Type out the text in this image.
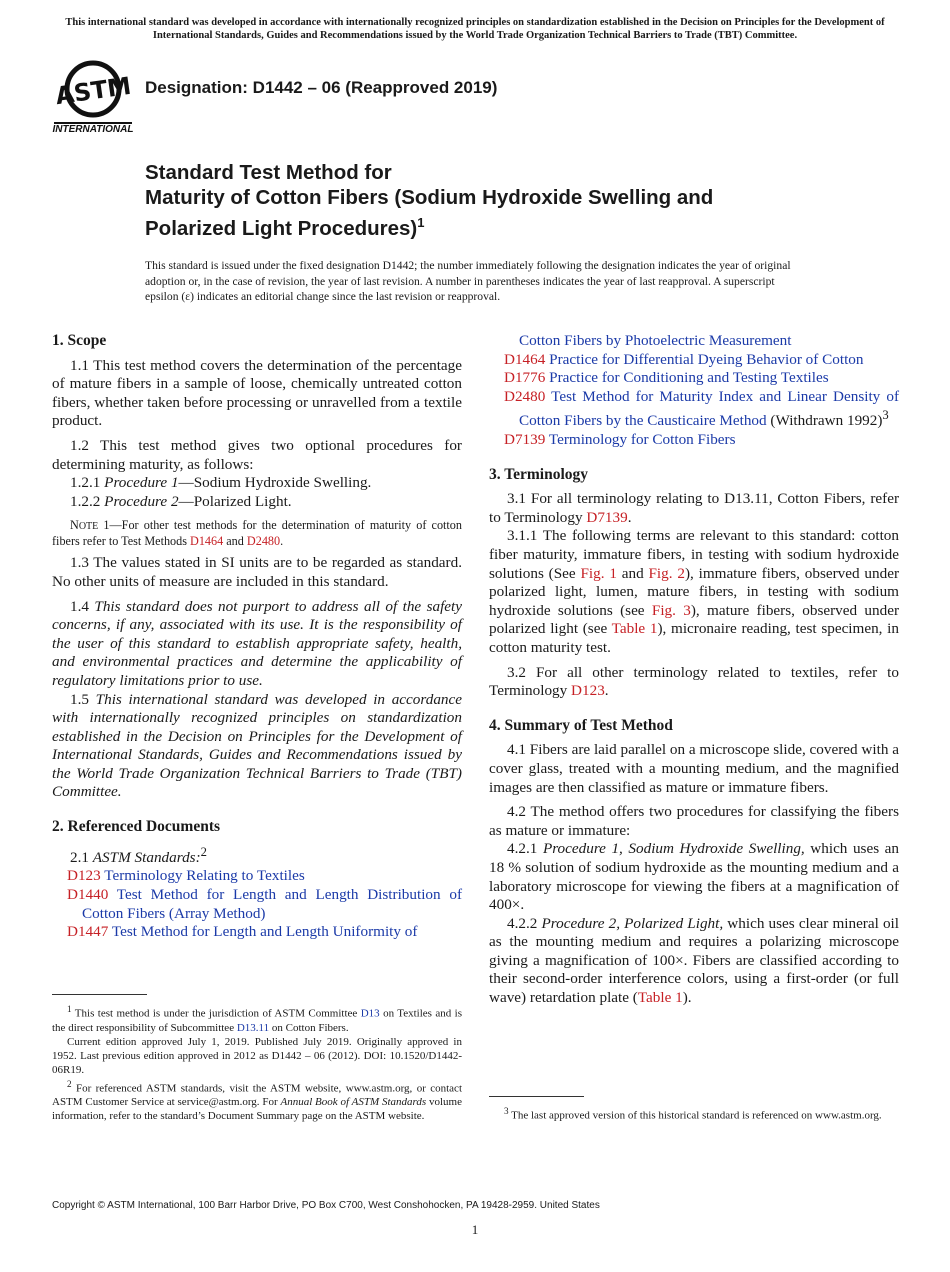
This international standard was developed in accordance with internationally recognized principles on standardization established in the Decision on Principles for the Development of International Standards, Guides and Recommendations issued by the World Trade Organization Technical Barriers to Trade (TBT) Committee.
ASTM
INTERNATIONAL
Designation: D1442 – 06 (Reapproved 2019)
Standard Test Method for
Maturity of Cotton Fibers (Sodium Hydroxide Swelling and
Polarized Light Procedures)$^1$
This standard is issued under the fixed designation D1442; the number immediately following the designation indicates the year of original adoption or, in the case of revision, the year of last revision. A number in parentheses indicates the year of last reapproval. A superscript epsilon (ε) indicates an editorial change since the last revision or reapproval.
1. Scope

1.1 This test method covers the determination of the percentage of mature fibers in a sample of loose, chemically untreated cotton fibers, whether taken before processing or unravelled from a textile product.

1.2 This test method gives two optional procedures for determining maturity, as follows:

1.2.1 Procedure 1—Sodium Hydroxide Swelling.

1.2.2 Procedure 2—Polarized Light.

NOTE 1—For other test methods for the determination of maturity of cotton fibers refer to Test Methods D1464 and D2480.

1.3 The values stated in SI units are to be regarded as standard. No other units of measure are included in this standard.

1.4 This standard does not purport to address all of the safety concerns, if any, associated with its use. It is the responsibility of the user of this standard to establish appropriate safety, health, and environmental practices and determine the applicability of regulatory limitations prior to use.

1.5 This international standard was developed in accordance with internationally recognized principles on standardization established in the Decision on Principles for the Development of International Standards, Guides and Recommendations issued by the World Trade Organization Technical Barriers to Trade (TBT) Committee.

2. Referenced Documents

2.1 ASTM Standards:$^2$

D123 Terminology Relating to Textiles
D1440 Test Method for Length and Length Distribution of Cotton Fibers (Array Method)
D1447 Test Method for Length and Length Uniformity of

$^1$ This test method is under the jurisdiction of ASTM Committee D13 on Textiles and is the direct responsibility of Subcommittee D13.11 on Cotton Fibers.

Current edition approved July 1, 2019. Published July 2019. Originally approved in 1952. Last previous edition approved in 2012 as D1442 – 06 (2012). DOI: 10.1520/D1442-06R19.

$^2$ For referenced ASTM standards, visit the ASTM website, www.astm.org, or contact ASTM Customer Service at service@astm.org. For Annual Book of ASTM Standards volume information, refer to the standard’s Document Summary page on the ASTM website.

Cotton Fibers by Photoelectric Measurement
D1464 Practice for Differential Dyeing Behavior of Cotton
D1776 Practice for Conditioning and Testing Textiles
D2480 Test Method for Maturity Index and Linear Density of Cotton Fibers by the Causticaire Method (Withdrawn 1992)$^3$
D7139 Terminology for Cotton Fibers
3. Terminology

3.1 For all terminology relating to D13.11, Cotton Fibers, refer to Terminology D7139.

3.1.1 The following terms are relevant to this standard: cotton fiber maturity, immature fibers, in testing with sodium hydroxide solutions (See Fig. 1 and Fig. 2), immature fibers, observed under polarized light, lumen, mature fibers, in testing with sodium hydroxide solutions (see Fig. 3), mature fibers, observed under polarized light (see Table 1), micronaire reading, test specimen, in cotton maturity test.

3.2 For all other terminology related to textiles, refer to Terminology D123.

4. Summary of Test Method

4.1 Fibers are laid parallel on a microscope slide, covered with a cover glass, treated with a mounting medium, and the magnified images are then classified as mature or immature fibers.

4.2 The method offers two procedures for classifying the fibers as mature or immature:

4.2.1 Procedure 1, Sodium Hydroxide Swelling, which uses an 18 % solution of sodium hydroxide as the mounting medium and a laboratory microscope for viewing the fibers at a magnification of 400×.

4.2.2 Procedure 2, Polarized Light, which uses clear mineral oil as the mounting medium and requires a polarizing microscope giving a magnification of 100×. Fibers are classified according to their second-order interference colors, using a first-order (or full wave) retardation plate (Table 1).

$^3$ The last approved version of this historical standard is referenced on www.astm.org.

Copyright © ASTM International, 100 Barr Harbor Drive, PO Box C700, West Conshohocken, PA 19428-2959. United States
1
